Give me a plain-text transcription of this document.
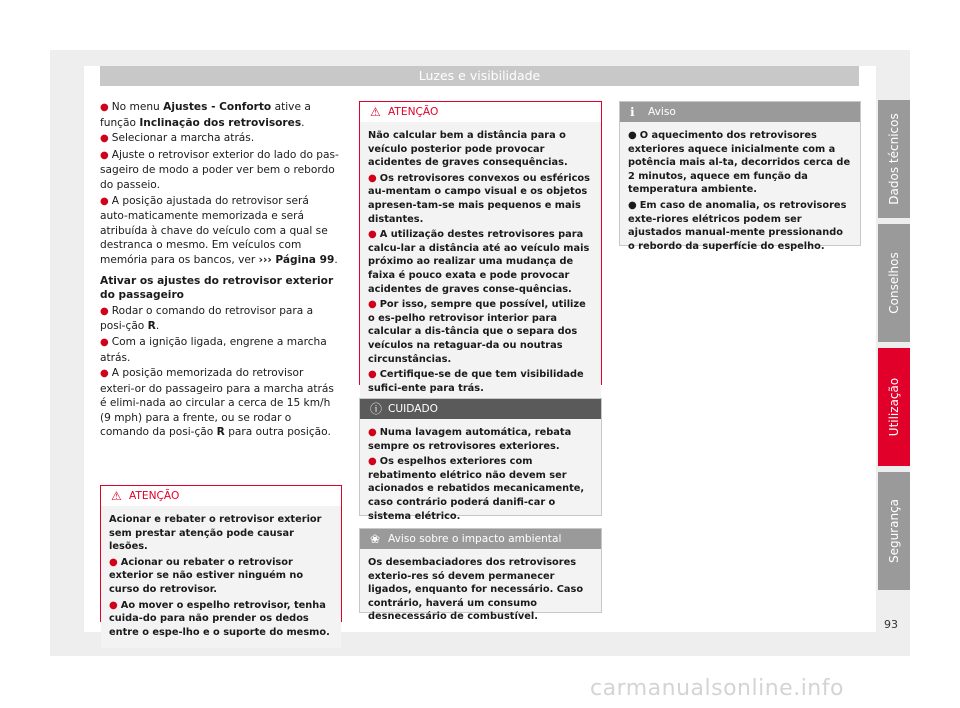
Luzes e visibilidade

● No menu Ajustes - Conforto ative a função Inclinação dos retrovisores.

● Selecionar a marcha atrás.

● Ajuste o retrovisor exterior do lado do pas-sageiro de modo a poder ver bem o rebordo do passeio.

● A posição ajustada do retrovisor será auto-maticamente memorizada e será atribuída à chave do veículo com a qual se destranca o mesmo. Em veículos com memória para os bancos, ver ››› Página 99.

Ativar os ajustes do retrovisor exterior do passageiro

● Rodar o comando do retrovisor para a posi-ção R.

● Com a ignição ligada, engrene a marcha atrás.

● A posição memorizada do retrovisor exteri-or do passageiro para a marcha atrás é elimi-nada ao circular a cerca de 15 km/h (9 mph) para a frente, ou se rodar o comando da posi-ção R para outra posição.

⚠ ATENÇÃO

Acionar e rebater o retrovisor exterior sem prestar atenção pode causar lesões.

● Acionar ou rebater o retrovisor exterior se não estiver ninguém no curso do retrovisor.

● Ao mover o espelho retrovisor, tenha cuida-do para não prender os dedos entre o espe-lho e o suporte do mesmo.

⚠ ATENÇÃO

Não calcular bem a distância para o veículo posterior pode provocar acidentes de graves consequências.

● Os retrovisores convexos ou esféricos au-mentam o campo visual e os objetos apresen-tam-se mais pequenos e mais distantes.

● A utilização destes retrovisores para calcu-lar a distância até ao veículo mais próximo ao realizar uma mudança de faixa é pouco exata e pode provocar acidentes de graves conse-quências.

● Por isso, sempre que possível, utilize o es-pelho retrovisor interior para calcular a dis-tância que o separa dos veículos na retaguar-da ou noutras circunstâncias.

● Certifique-se de que tem visibilidade sufici-ente para trás.

ⓘ CUIDADO

● Numa lavagem automática, rebata sempre os retrovisores exteriores.

● Os espelhos exteriores com rebatimento elétrico não devem ser acionados e rebatidos mecanicamente, caso contrário poderá danifi-car o sistema elétrico.

❀ Aviso sobre o impacto ambiental

Os desembaciadores dos retrovisores exterio-res só devem permanecer ligados, enquanto for necessário. Caso contrário, haverá um consumo desnecessário de combustível.

ℹ Aviso

● O aquecimento dos retrovisores exteriores aquece inicialmente com a potência mais al-ta, decorridos cerca de 2 minutos, aquece em função da temperatura ambiente.

● Em caso de anomalia, os retrovisores exte-riores elétricos podem ser ajustados manual-mente pressionando o rebordo da superfície do espelho.

Dados técnicos
Conselhos
Utilização
Segurança
93
carmanualsonline.info
